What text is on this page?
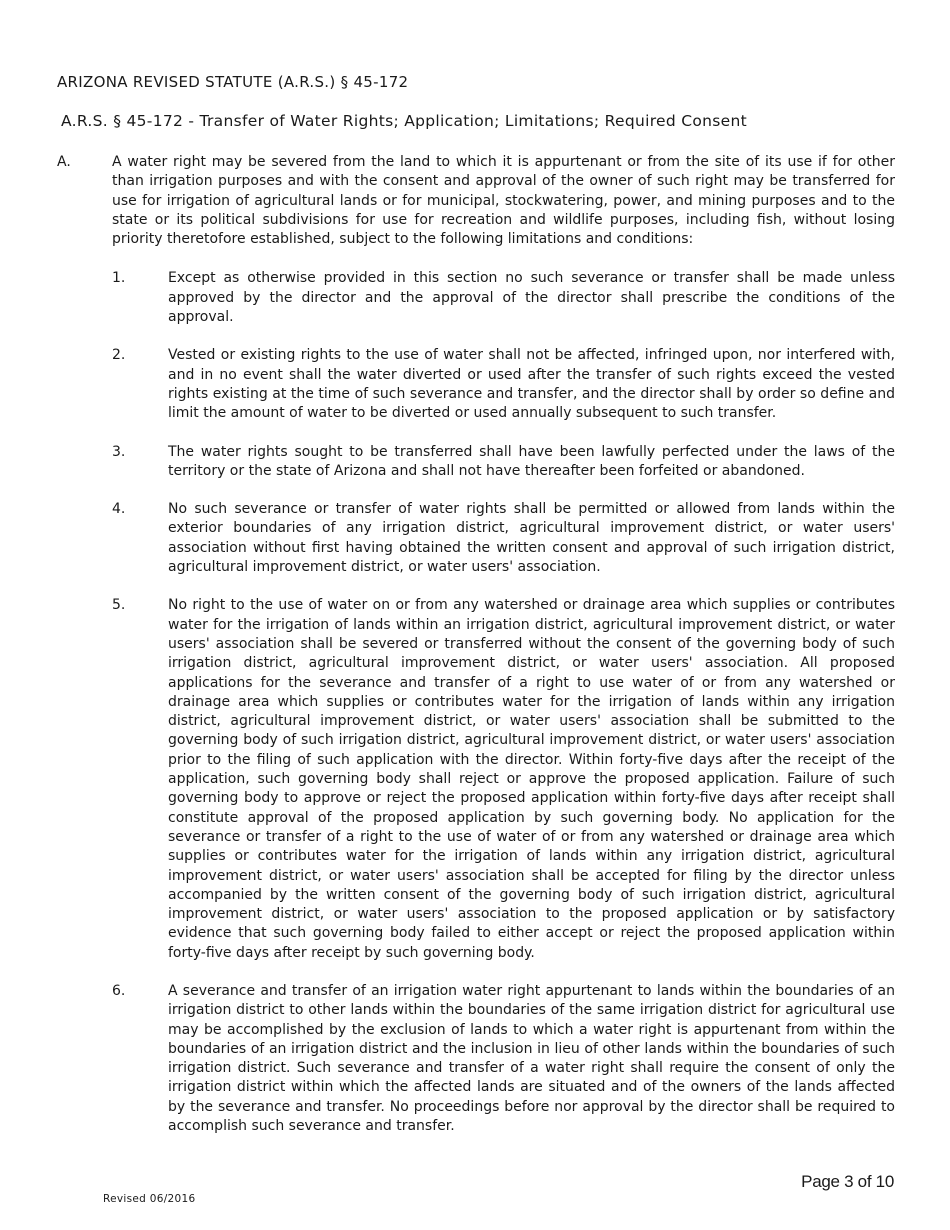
ARIZONA REVISED STATUTE (A.R.S.) § 45-172
A.R.S. § 45-172 - Transfer of Water Rights; Application; Limitations; Required Consent
A.	A water right may be severed from the land to which it is appurtenant or from the site of its use if for other than irrigation purposes and with the consent and approval of the owner of such right may be transferred for use for irrigation of agricultural lands or for municipal, stockwatering, power, and mining purposes and to the state or its political subdivisions for use for recreation and wildlife purposes, including fish, without losing priority theretofore established, subject to the following limitations and conditions:
1.	Except as otherwise provided in this section no such severance or transfer shall be made unless approved by the director and the approval of the director shall prescribe the conditions of the approval.
2.	Vested or existing rights to the use of water shall not be affected, infringed upon, nor interfered with, and in no event shall the water diverted or used after the transfer of such rights exceed the vested rights existing at the time of such severance and transfer, and the director shall by order so define and limit the amount of water to be diverted or used annually subsequent to such transfer.
3.	The water rights sought to be transferred shall have been lawfully perfected under the laws of the territory or the state of Arizona and shall not have thereafter been forfeited or abandoned.
4.	No such severance or transfer of water rights shall be permitted or allowed from lands within the exterior boundaries of any irrigation district, agricultural improvement district, or water users' association without first having obtained the written consent and approval of such irrigation district, agricultural improvement district, or water users' association.
5.	No right to the use of water on or from any watershed or drainage area which supplies or contributes water for the irrigation of lands within an irrigation district, agricultural improvement district, or water users' association shall be severed or transferred without the consent of the governing body of such irrigation district, agricultural improvement district, or water users' association. All proposed applications for the severance and transfer of a right to use water of or from any watershed or drainage area which supplies or contributes water for the irrigation of lands within any irrigation district, agricultural improvement district, or water users' association shall be submitted to the governing body of such irrigation district, agricultural improvement district, or water users' association prior to the filing of such application with the director. Within forty-five days after the receipt of the application, such governing body shall reject or approve the proposed application. Failure of such governing body to approve or reject the proposed application within forty-five days after receipt shall constitute approval of the proposed application by such governing body. No application for the severance or transfer of a right to the use of water of or from any watershed or drainage area which supplies or contributes water for the irrigation of lands within any irrigation district, agricultural improvement district, or water users' association shall be accepted for filing by the director unless accompanied by the written consent of the governing body of such irrigation district, agricultural improvement district, or water users' association to the proposed application or by satisfactory evidence that such governing body failed to either accept or reject the proposed application within forty-five days after receipt by such governing body.
6.	A severance and transfer of an irrigation water right appurtenant to lands within the boundaries of an irrigation district to other lands within the boundaries of the same irrigation district for agricultural use may be accomplished by the exclusion of lands to which a water right is appurtenant from within the boundaries of an irrigation district and the inclusion in lieu of other lands within the boundaries of such irrigation district. Such severance and transfer of a water right shall require the consent of only the irrigation district within which the affected lands are situated and of the owners of the lands affected by the severance and transfer. No proceedings before nor approval by the director shall be required to accomplish such severance and transfer.
Page 3 of 10
Revised 06/2016
